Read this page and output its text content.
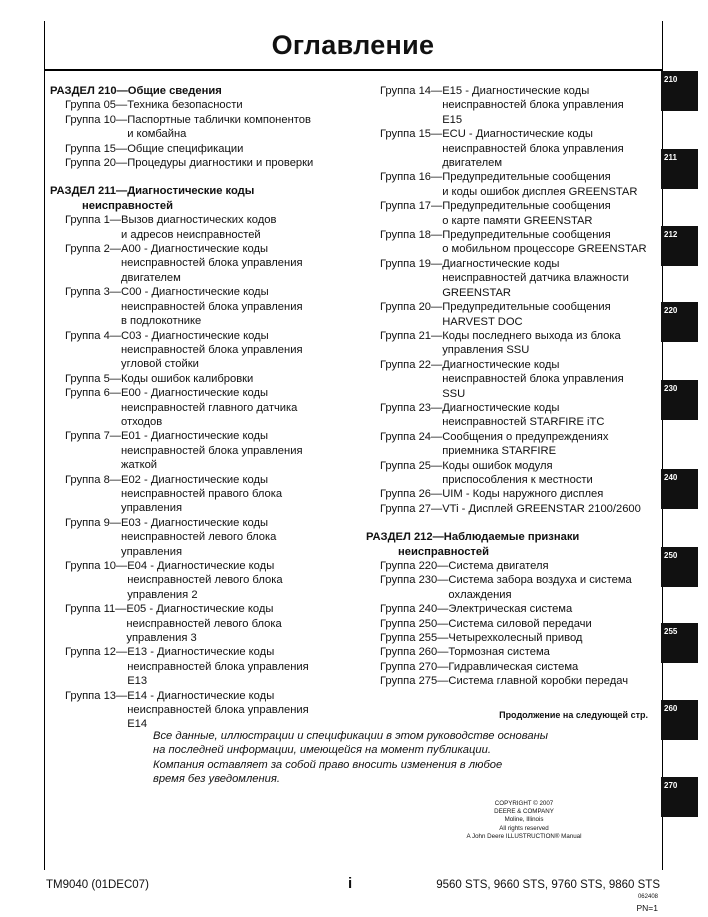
Оглавление
РАЗДЕЛ 210—Общие сведения
Группа 05— Техника безопасности
Группа 10— Паспортные таблички компонентов
и комбайна
Группа 15— Общие спецификации
Группа 20— Процедуры диагностики и проверки
РАЗДЕЛ 211—Диагностические коды
неисправностей
Группа 1— Вызов диагностических кодов
и адресов неисправностей
Группа 2— А00 - Диагностические коды
неисправностей блока управления
двигателем
Группа 3— С00 - Диагностические коды
неисправностей блока управления
в подлокотнике
Группа 4— С03 - Диагностические коды
неисправностей блока управления
угловой стойки
Группа 5— Коды ошибок калибровки
Группа 6— Е00 - Диагностические коды
неисправностей главного датчика
отходов
Группа 7— Е01 - Диагностические коды
неисправностей блока управления
жаткой
Группа 8— Е02 - Диагностические коды
неисправностей правого блока
управления
Группа 9— Е03 - Диагностические коды
неисправностей левого блока
управления
Группа 10— Е04 - Диагностические коды
неисправностей левого блока
управления 2
Группа 11— Е05 - Диагностические коды
неисправностей левого блока
управления 3
Группа 12— Е13 - Диагностические коды
неисправностей блока управления
Е13
Группа 13— Е14 - Диагностические коды
неисправностей блока управления
Е14
Группа 14— Е15 - Диагностические коды
неисправностей блока управления
Е15
Группа 15— ECU - Диагностические коды
неисправностей блока управления
двигателем
Группа 16— Предупредительные сообщения
и коды ошибок дисплея GREENSTAR
Группа 17— Предупредительные сообщения
о карте памяти GREENSTAR
Группа 18— Предупредительные сообщения
о мобильном процессоре GREENSTAR
Группа 19— Диагностические коды
неисправностей датчика влажности
GREENSTAR
Группа 20— Предупредительные сообщения
HARVEST DOC
Группа 21— Коды последнего выхода из блока
управления SSU
Группа 22— Диагностические коды
неисправностей блока управления
SSU
Группа 23— Диагностические коды
неисправностей STARFIRE iTC
Группа 24— Сообщения о предупреждениях
приемника STARFIRE
Группа 25— Коды ошибок модуля
приспособления к местности
Группа 26— UIM - Коды наружного дисплея
Группа 27— VTi - Дисплей GREENSTAR 2100/2600
РАЗДЕЛ 212—Наблюдаемые признаки
неисправностей
Группа 220— Система двигателя
Группа 230— Система забора воздуха и система
охлаждения
Группа 240— Электрическая система
Группа 250— Система силовой передачи
Группа 255— Четырехколесный привод
Группа 260— Тормозная система
Группа 270— Гидравлическая система
Группа 275— Система главной коробки передач
Продолжение на следующей стр.
Все данные, иллюстрации и спецификации в этом руководстве основаны
на последней информации, имеющейся на момент публикации.
Компания оставляет за собой право вносить изменения в любое
время без уведомления.
COPYRIGHT © 2007
DEERE & COMPANY
Moline, Illinois
All rights reserved
A John Deere ILLUSTRUCTION® Manual
TM9040 (01DEC07)	i	9560 STS, 9660 STS, 9760 STS, 9860 STS
062408
PN=1
210
211
212
220
230
240
250
255
260
270
